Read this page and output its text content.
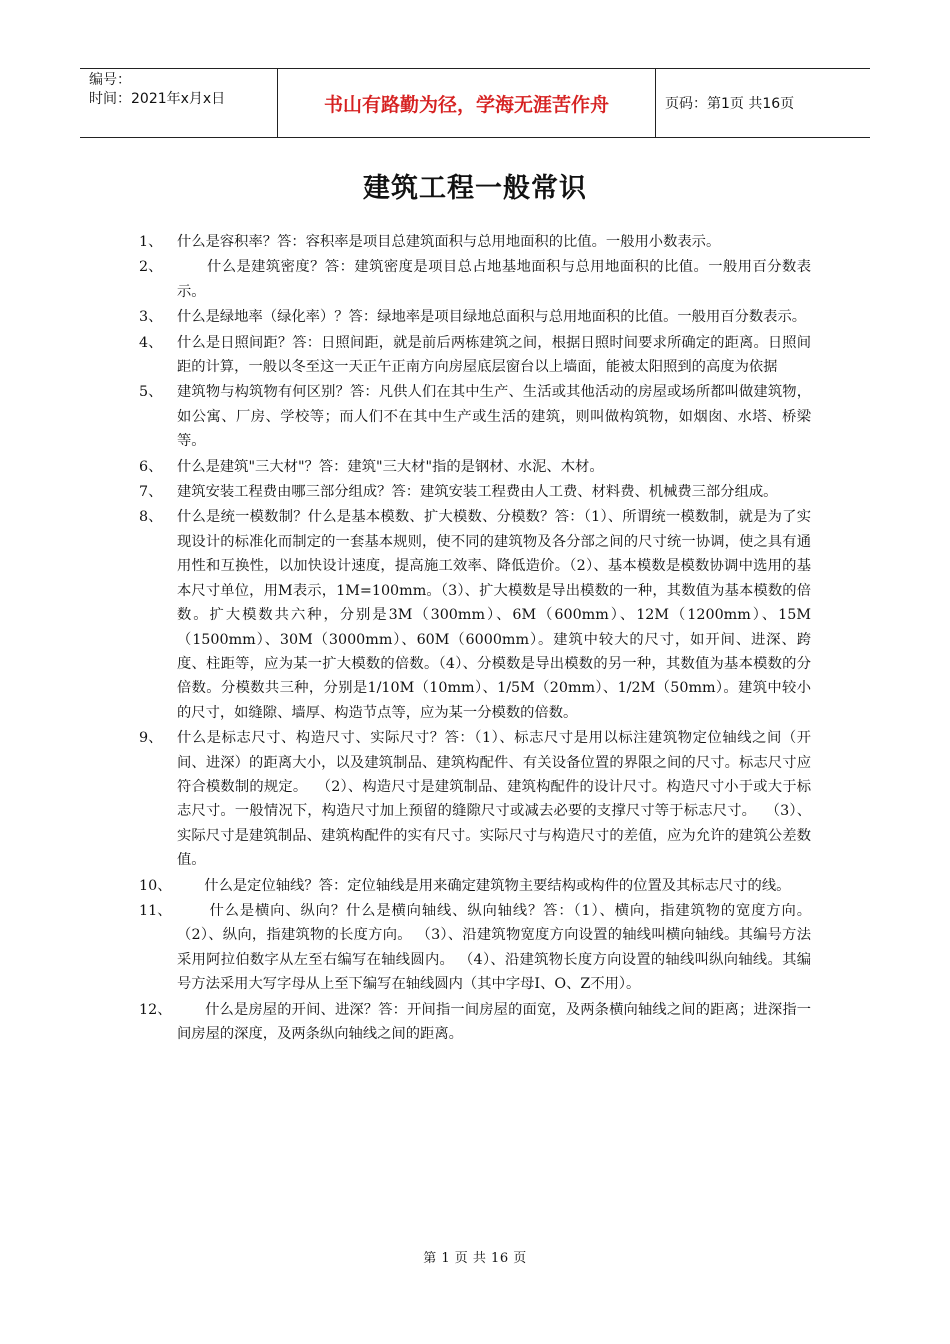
编号：
时间：2021年x月x日	书山有路勤为径，学海无涯苦作舟	页码：第1页 共16页
建筑工程一般常识
1、	什么是容积率？答：容积率是项目总建筑面积与总用地面积的比值。一般用小数表示。
2、	什么是建筑密度？答：建筑密度是项目总占地基地面积与总用地面积的比值。一般用百分数表示。
3、	什么是绿地率（绿化率）？答：绿地率是项目绿地总面积与总用地面积的比值。一般用百分数表示。
4、	什么是日照间距？答：日照间距，就是前后两栋建筑之间，根据日照时间要求所确定的距离。日照间距的计算，一般以冬至这一天正午正南方向房屋底层窗台以上墙面，能被太阳照到的高度为依据
5、	建筑物与构筑物有何区别？答：凡供人们在其中生产、生活或其他活动的房屋或场所都叫做建筑物，如公寓、厂房、学校等；而人们不在其中生产或生活的建筑，则叫做构筑物，如烟囱、水塔、桥梁等。
6、	什么是建筑"三大材"？答：建筑"三大材"指的是钢材、水泥、木材。
7、	建筑安装工程费由哪三部分组成？答：建筑安装工程费由人工费、材料费、机械费三部分组成。
8、	什么是统一模数制？什么是基本模数、扩大模数、分模数？答：（1）、所谓统一模数制，就是为了实现设计的标准化而制定的一套基本规则，使不同的建筑物及各分部之间的尺寸统一协调，使之具有通用性和互换性，以加快设计速度，提高施工效率、降低造价。（2）、基本模数是模数协调中选用的基本尺寸单位，用M表示，1M=100mm。（3）、扩大模数是导出模数的一种，其数值为基本模数的倍数。扩大模数共六种，分别是3M（300mm）、6M（600mm）、12M（1200mm）、15M（1500mm）、30M（3000mm）、60M（6000mm）。建筑中较大的尺寸，如开间、进深、跨度、柱距等，应为某一扩大模数的倍数。（4）、分模数是导出模数的另一种，其数值为基本模数的分倍数。分模数共三种，分别是1/10M（10mm）、1/5M（20mm）、1/2M（50mm）。建筑中较小的尺寸，如缝隙、墙厚、构造节点等，应为某一分模数的倍数。
9、	什么是标志尺寸、构造尺寸、实际尺寸？答：（1）、标志尺寸是用以标注建筑物定位轴线之间（开间、进深）的距离大小，以及建筑制品、建筑构配件、有关设备位置的界限之间的尺寸。标志尺寸应符合模数制的规定。  （2）、构造尺寸是建筑制品、建筑构配件的设计尺寸。构造尺寸小于或大于标志尺寸。一般情况下，构造尺寸加上预留的缝隙尺寸或减去必要的支撑尺寸等于标志尺寸。  （3）、实际尺寸是建筑制品、建筑构配件的实有尺寸。实际尺寸与构造尺寸的差值，应为允许的建筑公差数值。
10、 什么是定位轴线？答：定位轴线是用来确定建筑物主要结构或构件的位置及其标志尺寸的线。
11、 什么是横向、纵向？什么是横向轴线、纵向轴线？答：（1）、横向，指建筑物的宽度方向。 （2）、纵向，指建筑物的长度方向。 （3）、沿建筑物宽度方向设置的轴线叫横向轴线。其编号方法采用阿拉伯数字从左至右编写在轴线圆内。 （4）、沿建筑物长度方向设置的轴线叫纵向轴线。其编号方法采用大写字母从上至下编写在轴线圆内（其中字母I、O、Z不用）。
12、 什么是房屋的开间、进深？答：开间指一间房屋的面宽，及两条横向轴线之间的距离；进深指一间房屋的深度，及两条纵向轴线之间的距离。
第 1 页 共 16 页
